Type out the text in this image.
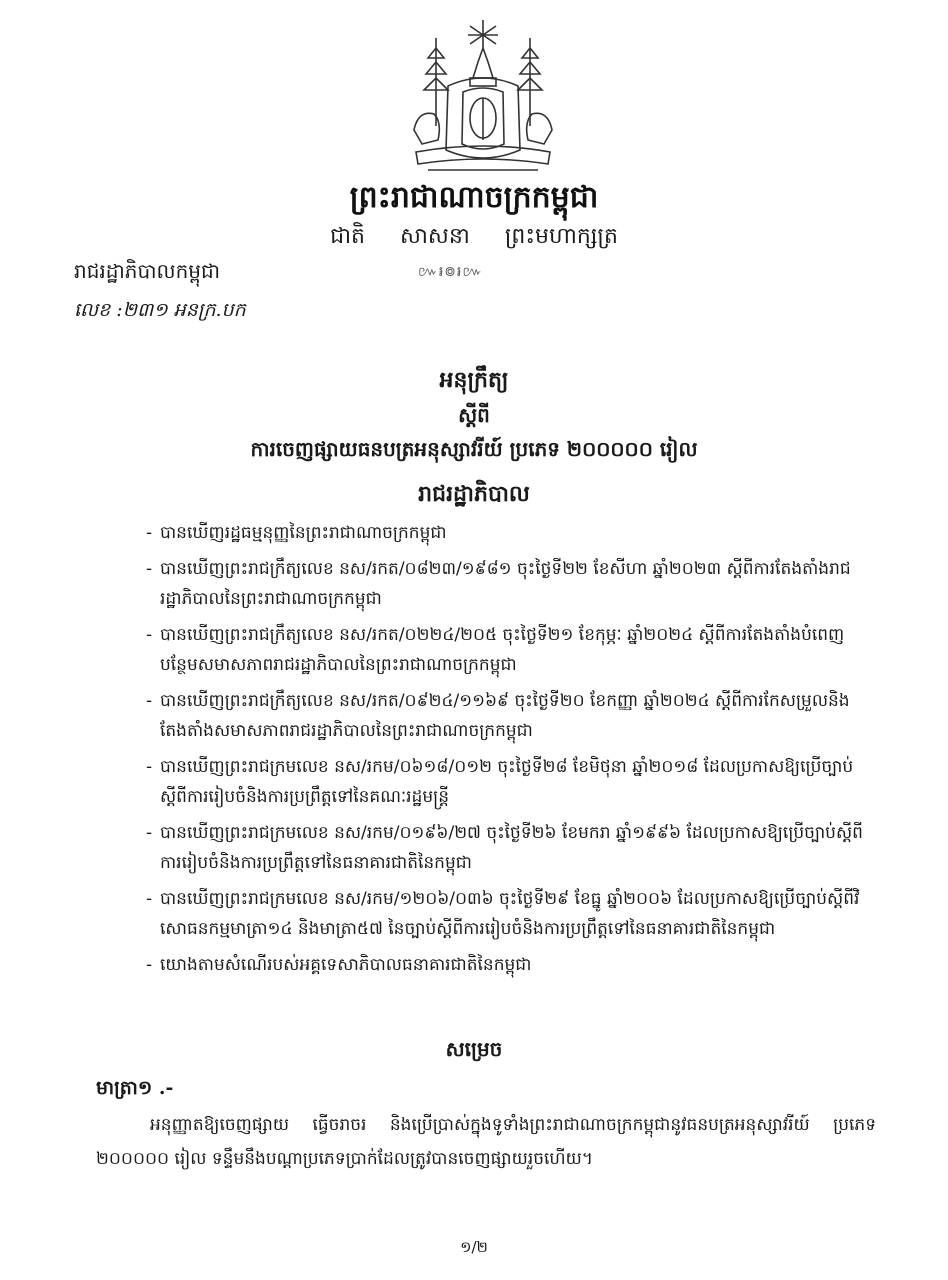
ព្រះរាជាណាចក្រកម្ពុជា
ជាតិ សាសនា ព្រះមហាក្សត្រ
៚៛៙៛៚
រាជរដ្ឋាភិបាលកម្ពុជា
លេខ :២៣១ អនក្រ.បក
អនុក្រឹត្យ
ស្ដីពី
ការចេញផ្សាយធនបត្រអនុស្សាវរីយ៍ ប្រភេទ ២០០០០០ រៀល
រាជរដ្ឋាភិបាល
- បានឃើញរដ្ឋធម្មនុញ្ញនៃព្រះរាជាណាចក្រកម្ពុជា
- បានឃើញព្រះរាជក្រឹត្យលេខ នស/រកត/០៨២៣/១៩៨១ ចុះថ្ងៃទី២២ ខែសីហា ឆ្នាំ២០២៣ ស្ដីពីការតែងតាំងរាជរដ្ឋាភិបាលនៃព្រះរាជាណាចក្រកម្ពុជា
- បានឃើញព្រះរាជក្រឹត្យលេខ នស/រកត/០២២៤/២០៥ ចុះថ្ងៃទី២១ ខែកុម្ភៈ ឆ្នាំ២០២៤ ស្ដីពីការតែងតាំងបំពេញបន្ថែមសមាសភាពរាជរដ្ឋាភិបាលនៃព្រះរាជាណាចក្រកម្ពុជា
- បានឃើញព្រះរាជក្រឹត្យលេខ នស/រកត/០៩២៤/១១៦៩ ចុះថ្ងៃទី២០ ខែកញ្ញា ឆ្នាំ២០២៤ ស្ដីពីការកែសម្រួលនិងតែងតាំងសមាសភាពរាជរដ្ឋាភិបាលនៃព្រះរាជាណាចក្រកម្ពុជា
- បានឃើញព្រះរាជក្រមលេខ នស/រកម/០៦១៨/០១២ ចុះថ្ងៃទី២៨ ខែមិថុនា ឆ្នាំ២០១៨ ដែលប្រកាសឱ្យប្រើច្បាប់ស្ដីពីការរៀបចំនិងការប្រព្រឹត្តទៅនៃគណៈរដ្ឋមន្ត្រី
- បានឃើញព្រះរាជក្រមលេខ នស/រកម/០១៩៦/២៧ ចុះថ្ងៃទី២៦ ខែមករា ឆ្នាំ១៩៩៦ ដែលប្រកាសឱ្យប្រើច្បាប់ស្ដីពីការរៀបចំនិងការប្រព្រឹត្តទៅនៃធនាគារជាតិនៃកម្ពុជា
- បានឃើញព្រះរាជក្រមលេខ នស/រកម/១២០៦/០៣៦ ចុះថ្ងៃទី២៩ ខែធ្នូ ឆ្នាំ២០០៦ ដែលប្រកាសឱ្យប្រើច្បាប់ស្ដីពីវិសោធនកម្មមាត្រា១៤ និងមាត្រា៥៧ នៃច្បាប់ស្ដីពីការរៀបចំនិងការប្រព្រឹត្តទៅនៃធនាគារជាតិនៃកម្ពុជា
- យោងតាមសំណើរបស់អគ្គទេសាភិបាលធនាគារជាតិនៃកម្ពុជា
សម្រេច
មាត្រា១ .-
អនុញ្ញាតឱ្យចេញផ្សាយ ធ្វើចរាចរ និងប្រើប្រាស់ក្នុងទូទាំងព្រះរាជាណាចក្រកម្ពុជានូវធនបត្រអនុស្សាវរីយ៍ ប្រភេទ ២០០០០០ រៀល ទន្ទឹមនឹងបណ្ដាប្រភេទប្រាក់ដែលត្រូវបានចេញផ្សាយរួចហើយ។
១/២
